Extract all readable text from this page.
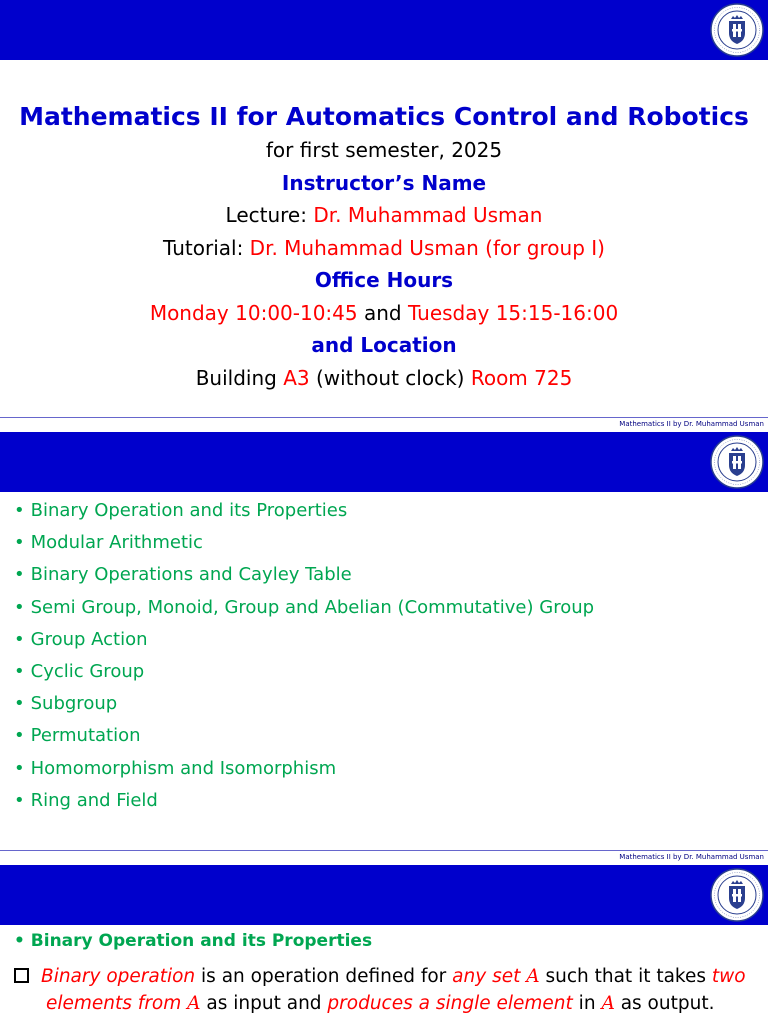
Mathematics II for Automatics Control and Robotics
for first semester, 2025
Instructor’s Name
Lecture: Dr. Muhammad Usman
Tutorial: Dr. Muhammad Usman (for group I)
Office Hours
Monday 10:00-10:45 and Tuesday 15:15-16:00
and Location
Building A3 (without clock) Room 725
Mathematics II by Dr. Muhammad Usman
• Binary Operation and its Properties
• Modular Arithmetic
• Binary Operations and Cayley Table
• Semi Group, Monoid, Group and Abelian (Commutative) Group
• Group Action
• Cyclic Group
• Subgroup
• Permutation
• Homomorphism and Isomorphism
• Ring and Field
Mathematics II by Dr. Muhammad Usman
• Binary Operation and its Properties
Binary operation is an operation defined for any set A such that it takes two
elements from A as input and produces a single element in A as output.
